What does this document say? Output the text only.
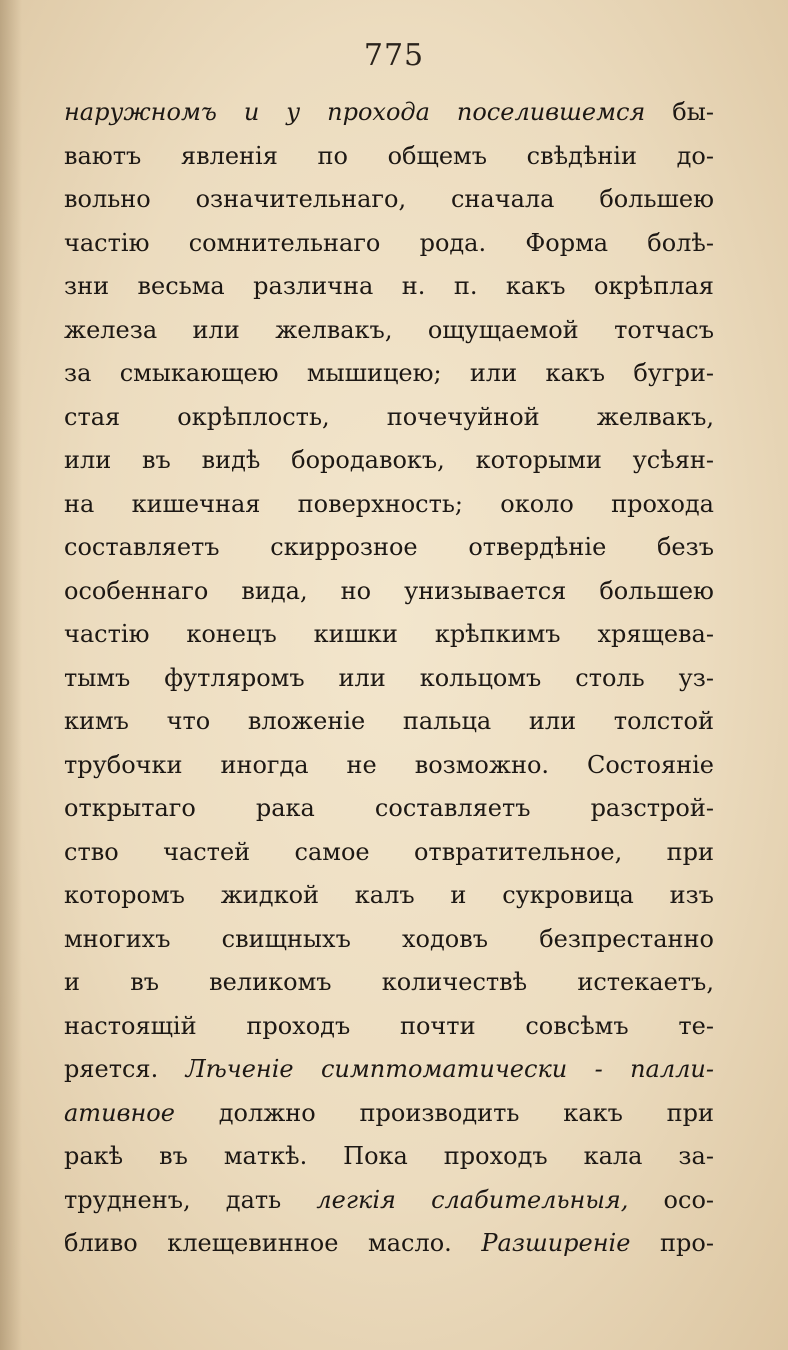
775
наружномъ и у прохода поселившемся бы-
ваютъ явленія по общемъ свѣдѣніи до-
вольно означительнаго, сначала большею
частію сомнительнаго рода. Форма болѣ-
зни весьма различна н. п. какъ окрѣплая
железа или желвакъ, ощущаемой тотчасъ
за смыкающею мышицею; или какъ бугри-
стая окрѣплость, почечуйной желвакъ,
или въ видѣ бородавокъ, которыми усѣян-
на кишечная поверхность; около прохода
составляетъ скиррозное отвердѣніе безъ
особеннаго вида, но унизывается большею
частію конецъ кишки крѣпкимъ хрящева-
тымъ футляромъ или кольцомъ столь уз-
кимъ что вложеніе пальца или толстой
трубочки иногда не возможно. Состояніе
открытаго	рака	составляетъ	разстрой-
ство частей самое отвратительное, при
которомъ жидкой калъ и сукровица изъ
многихъ свищныхъ ходовъ безпрестанно
и въ великомъ количествѣ истекаетъ,
настоящій проходъ почти совсѣмъ те-
ряется. Лѣченіе симптоматически - палли-
ативное должно производить какъ при
ракѣ въ маткѣ. Пока проходъ кала за-
трудненъ, дать легкія слабительныя, осо-
бливо клещевинное масло. Разширеніе про-
